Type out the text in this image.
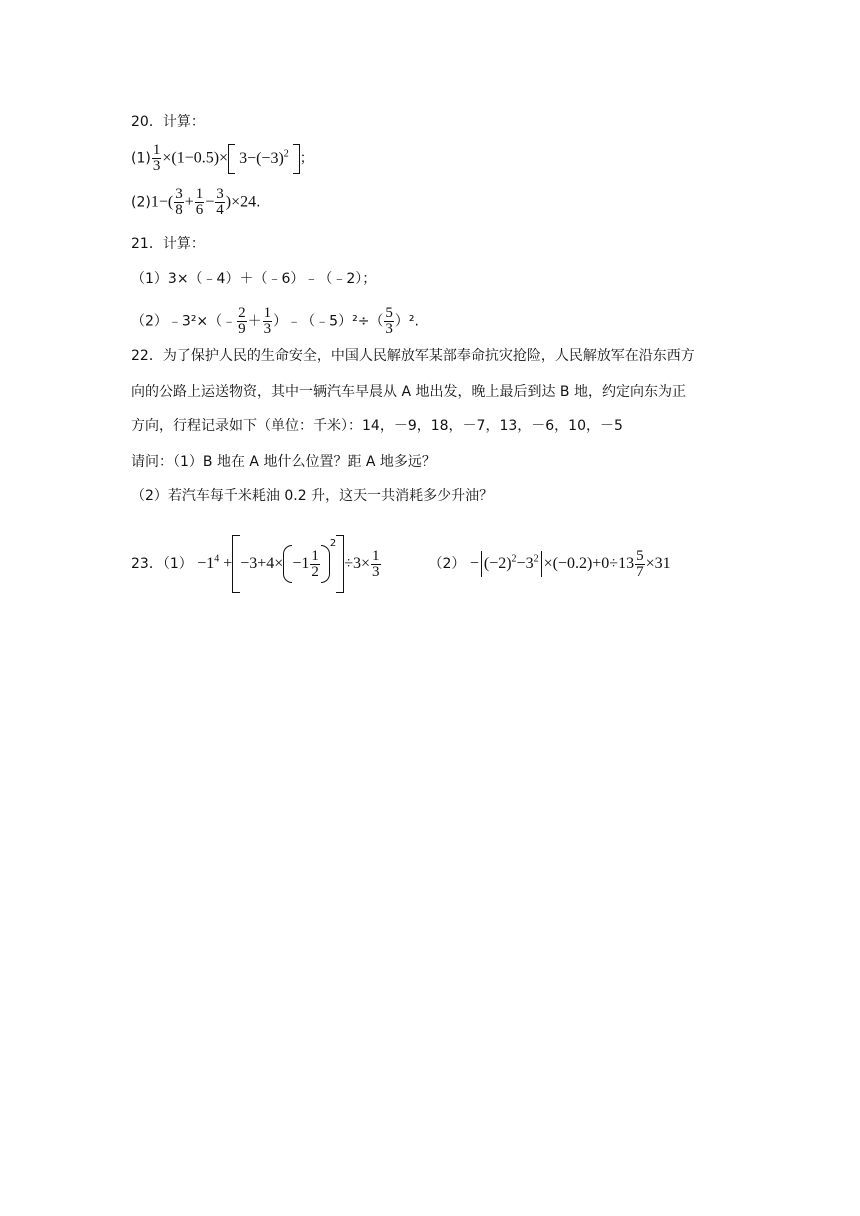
20．计算：
$(1) \frac{1}{3} \times(1-0.5)\times 3-(-3)^2$ ；
$(2)1-( \frac{3}{8} + \frac{1}{6} - \frac{3}{4} )\times 24$.
21．计算：
（1）3×（﹣4）＋（﹣6）﹣（﹣2）；
（2）﹣3²×（﹣ $\frac{2}{9} + \frac{1}{3}$ ）﹣（﹣5）²÷（ $\frac{5}{3} )^2$.
22．为了保护人民的生命安全，中国人民解放军某部奉命抗灾抢险，人民解放军在沿东西方
向的公路上运送物资，其中一辆汽车早晨从 A 地出发，晚上最后到达 B 地，约定向东为正
方向，行程记录如下（单位：千米）：14，－9，18，－7，13，－6，10，－5
请问：（1）B 地在 A 地什么位置？距 A 地多远？
（2）若汽车每千米耗油 0.2 升，这天一共消耗多少升油？
23．$(1) -1^4 + -3+4\times -1 \frac{1}{2}$
$^2\div 3\times \frac{1}{3}$	$(2) - (-2)^2-3^2 \times(-0.2)+0\div 13 \frac{5}{7} \times 31$
